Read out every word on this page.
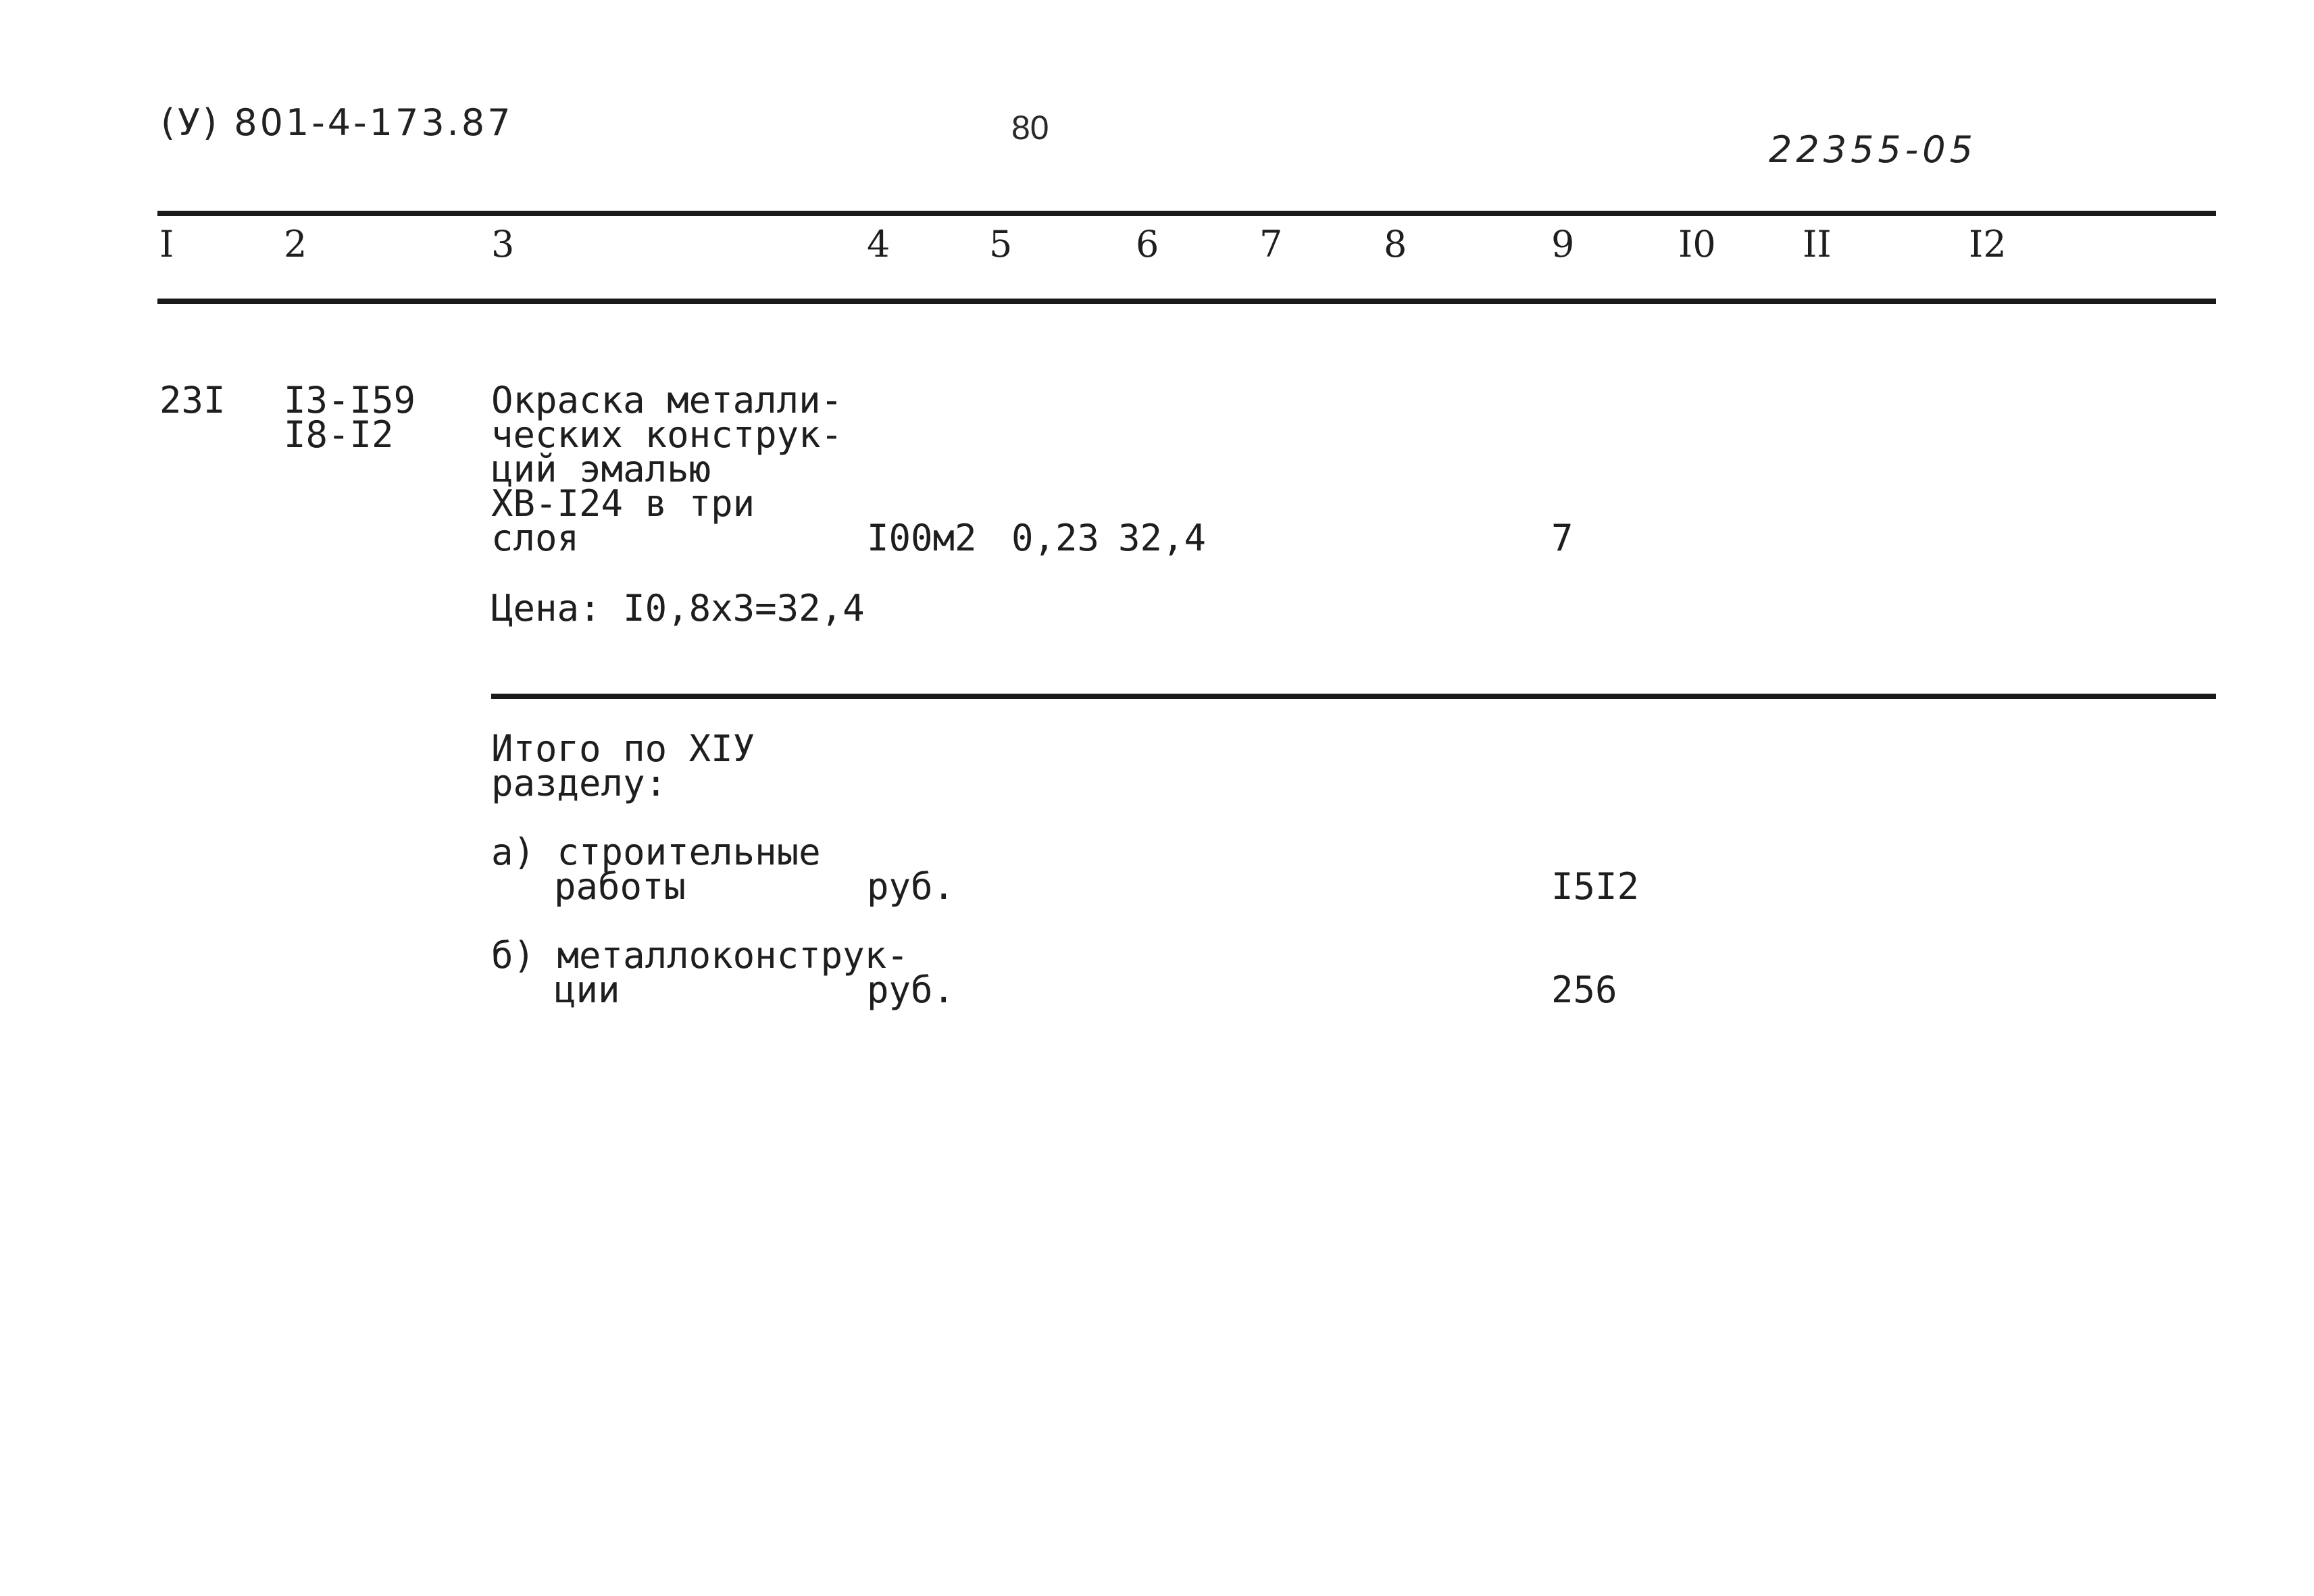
(У) 801-4-173.87	80
22355-05
I	2	3	4	5	6	7	8	9	I0 II	I2
23I I3-I59
I8-I2
Окраска металли-
ческих конструк-
ций эмалью
ХВ-I24 в три
слоя	I00м2 0,23 32,4	7
Цена: I0,8х3=32,4
Итого по XIУ
разделу:
а) строительные
работы	руб.	I5I2
б) металлоконструк-
ции	руб.	256
